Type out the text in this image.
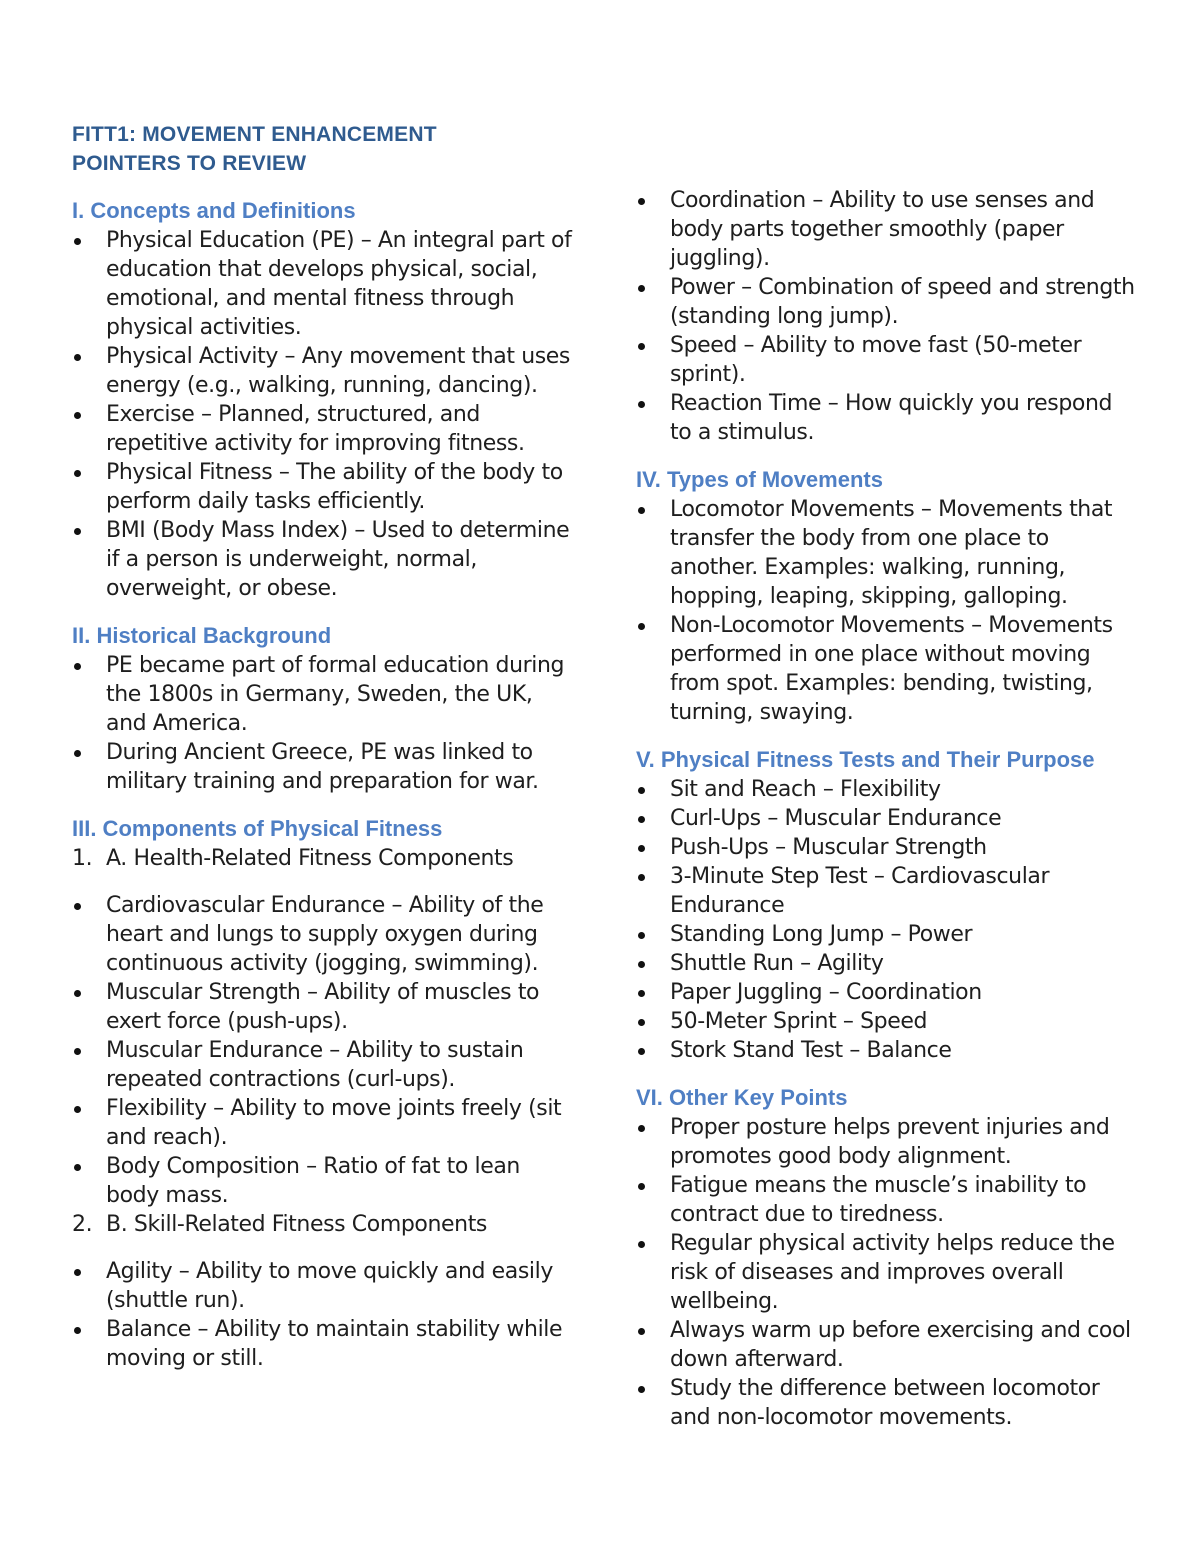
FITT1: MOVEMENT ENHANCEMENT
POINTERS TO REVIEW
I. Concepts and Definitions
Physical Education (PE) – An integral part of education that develops physical, social, emotional, and mental fitness through physical activities.
Physical Activity – Any movement that uses energy (e.g., walking, running, dancing).
Exercise – Planned, structured, and repetitive activity for improving fitness.
Physical Fitness – The ability of the body to perform daily tasks efficiently.
BMI (Body Mass Index) – Used to determine if a person is underweight, normal, overweight, or obese.
II. Historical Background
PE became part of formal education during the 1800s in Germany, Sweden, the UK, and America.
During Ancient Greece, PE was linked to military training and preparation for war.
III. Components of Physical Fitness
1. A. Health-Related Fitness Components
Cardiovascular Endurance – Ability of the heart and lungs to supply oxygen during continuous activity (jogging, swimming).
Muscular Strength – Ability of muscles to exert force (push-ups).
Muscular Endurance – Ability to sustain repeated contractions (curl-ups).
Flexibility – Ability to move joints freely (sit and reach).
Body Composition – Ratio of fat to lean body mass.
2. B. Skill-Related Fitness Components
Agility – Ability to move quickly and easily (shuttle run).
Balance – Ability to maintain stability while moving or still.
Coordination – Ability to use senses and body parts together smoothly (paper juggling).
Power – Combination of speed and strength (standing long jump).
Speed – Ability to move fast (50-meter sprint).
Reaction Time – How quickly you respond to a stimulus.
IV. Types of Movements
Locomotor Movements – Movements that transfer the body from one place to another. Examples: walking, running, hopping, leaping, skipping, galloping.
Non-Locomotor Movements – Movements performed in one place without moving from spot. Examples: bending, twisting, turning, swaying.
V. Physical Fitness Tests and Their Purpose
Sit and Reach – Flexibility
Curl-Ups – Muscular Endurance
Push-Ups – Muscular Strength
3-Minute Step Test – Cardiovascular Endurance
Standing Long Jump – Power
Shuttle Run – Agility
Paper Juggling – Coordination
50-Meter Sprint – Speed
Stork Stand Test – Balance
VI. Other Key Points
Proper posture helps prevent injuries and promotes good body alignment.
Fatigue means the muscle’s inability to contract due to tiredness.
Regular physical activity helps reduce the risk of diseases and improves overall wellbeing.
Always warm up before exercising and cool down afterward.
Study the difference between locomotor and non-locomotor movements.
